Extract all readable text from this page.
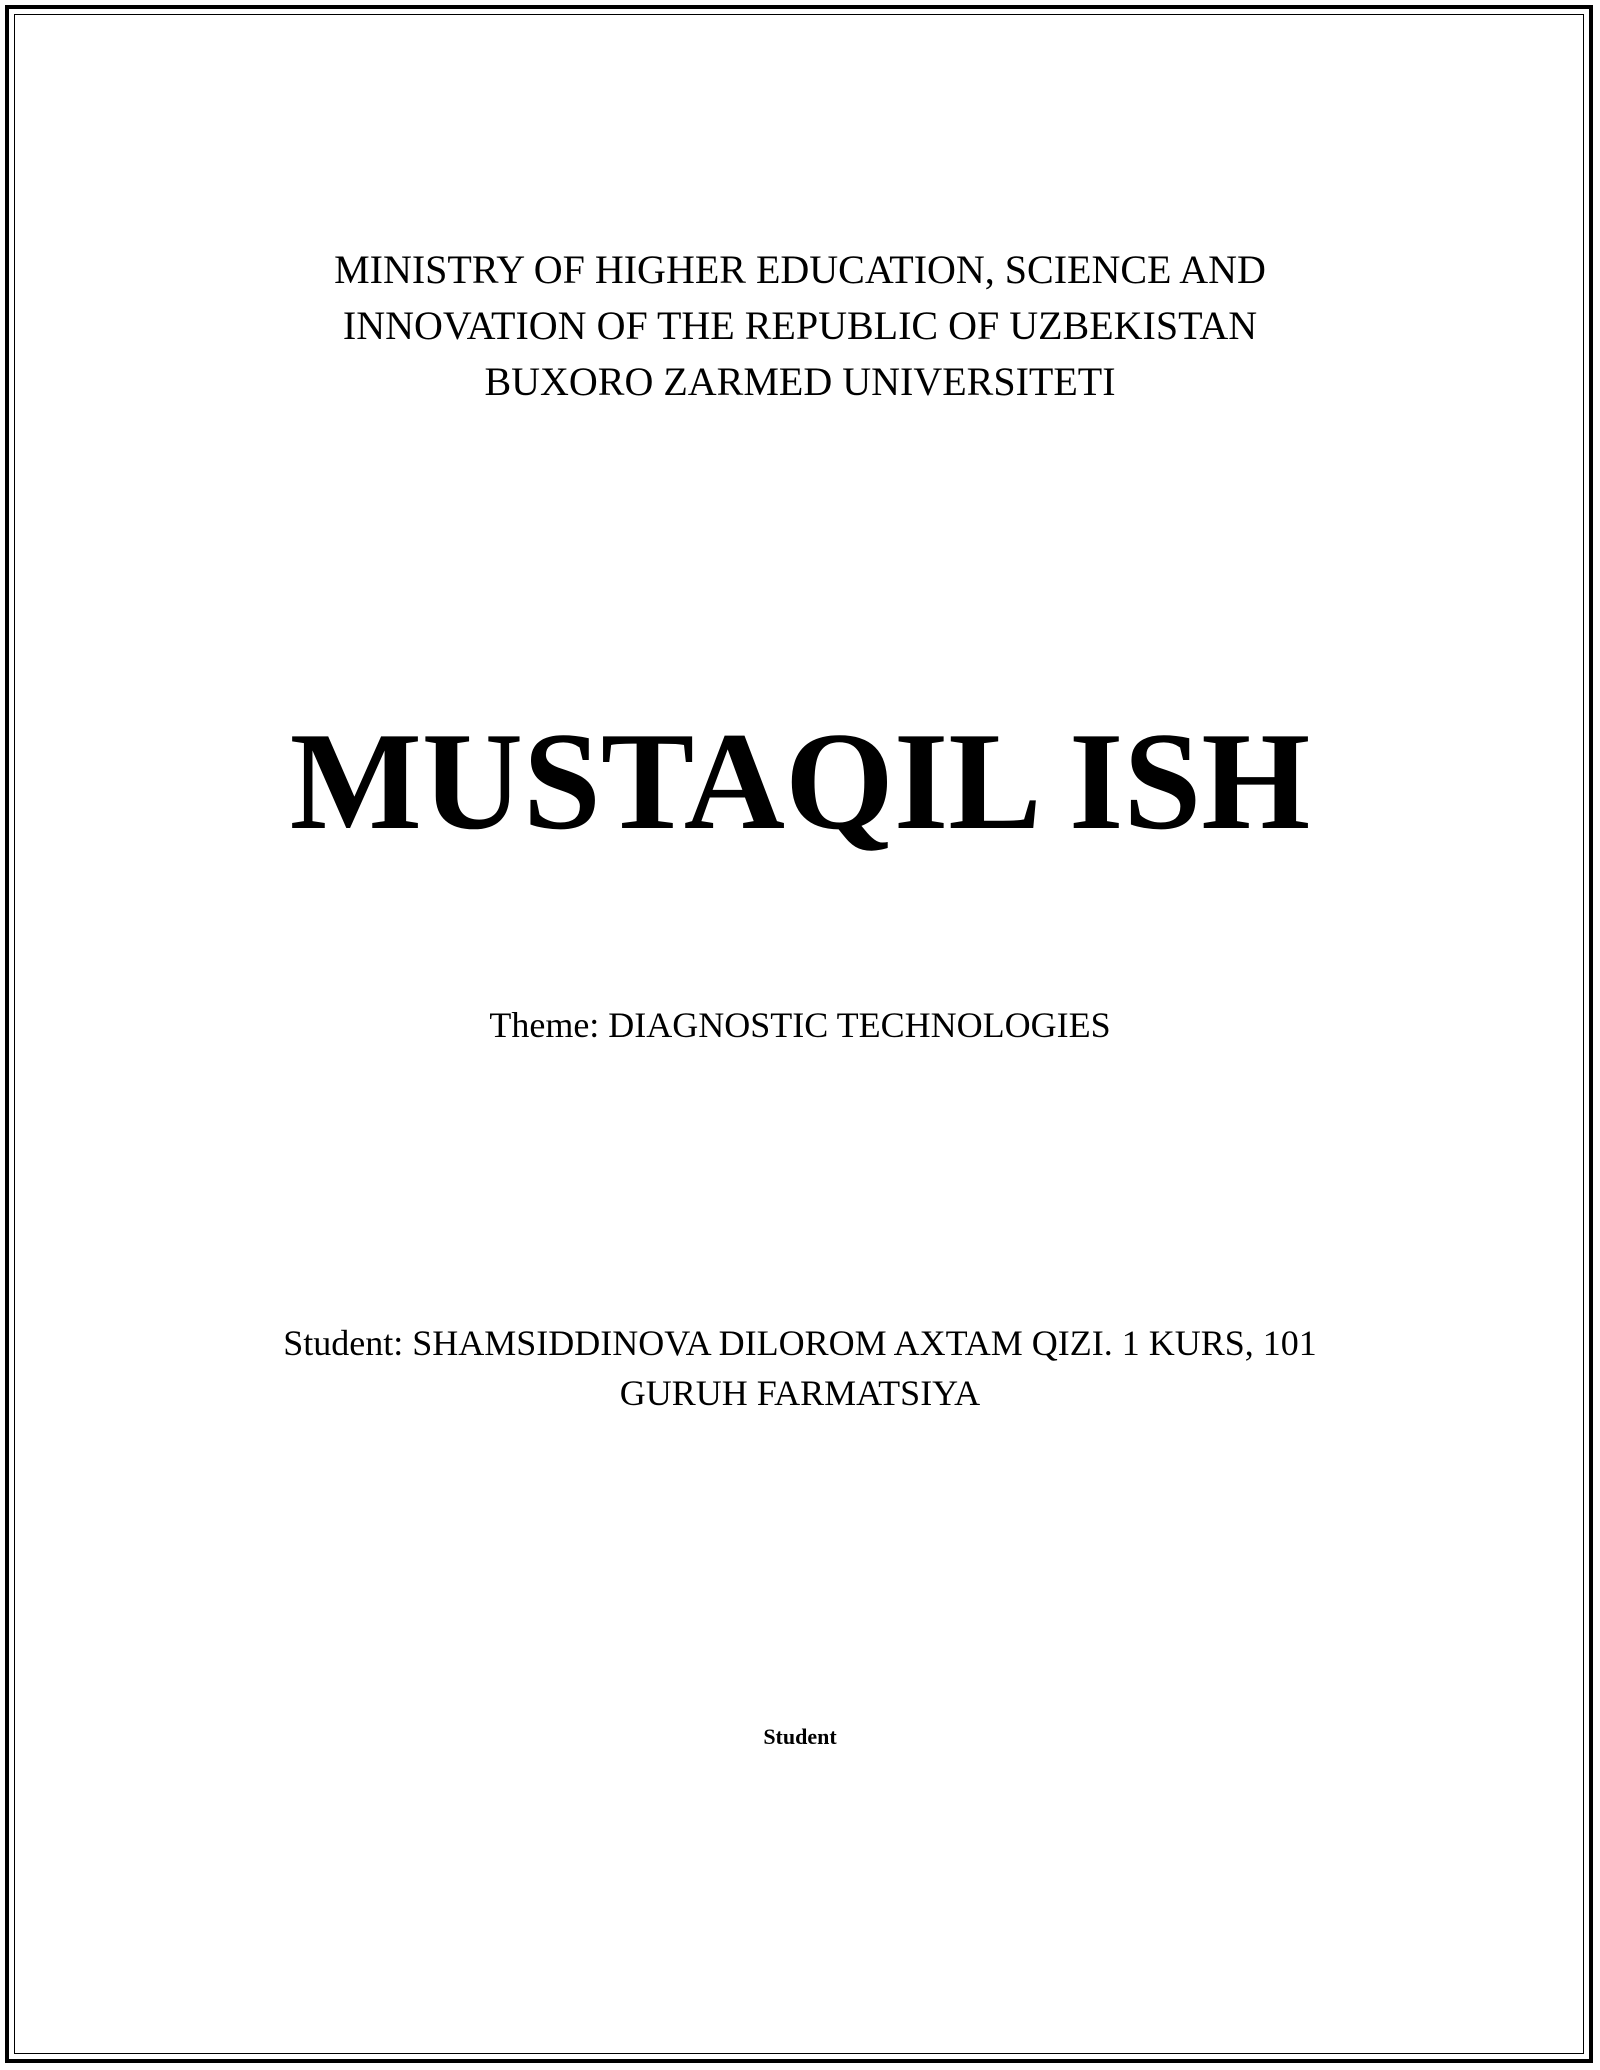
MINISTRY OF HIGHER EDUCATION, SCIENCE AND
INNOVATION OF THE REPUBLIC OF UZBEKISTAN
BUXORO ZARMED UNIVERSITETI
MUSTAQIL ISH
Theme: DIAGNOSTIC TECHNOLOGIES
Student: SHAMSIDDINOVA DILOROM AXTAM QIZI. 1 KURS, 101
GURUH FARMATSIYA
Student
